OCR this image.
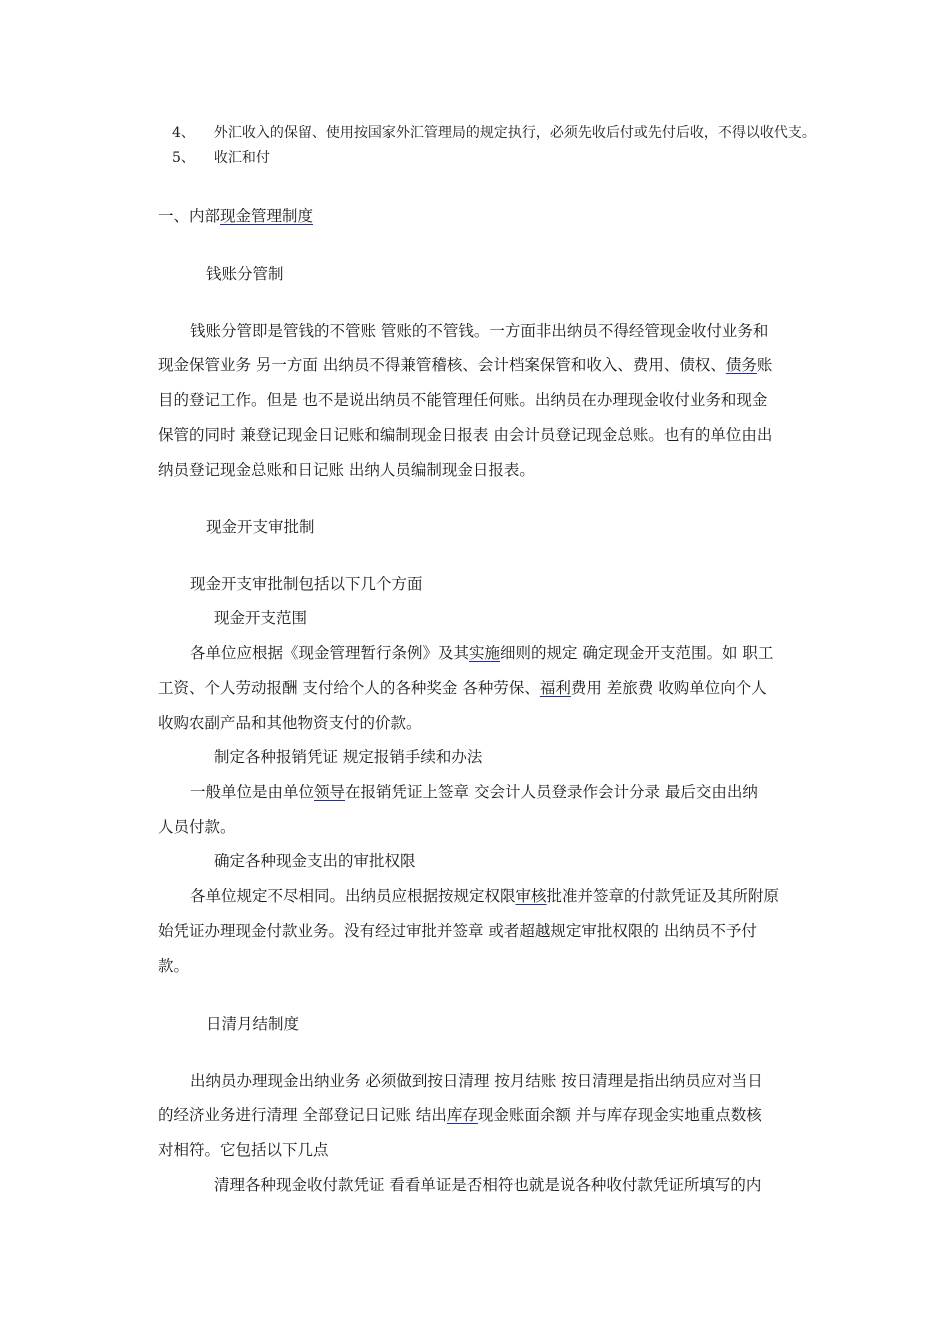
4、 外汇收入的保留、使用按国家外汇管理局的规定执行，必须先收后付或先付后收，不得以收代支。
5、 收汇和付
一、内部现金管理制度
钱账分管制
钱账分管即是管钱的不管账 管账的不管钱。一方面非出纳员不得经管现金收付业务和
现金保管业务 另一方面 出纳员不得兼管稽核、会计档案保管和收入、费用、债权、债务账
目的登记工作。但是 也不是说出纳员不能管理任何账。出纳员在办理现金收付业务和现金
保管的同时 兼登记现金日记账和编制现金日报表 由会计员登记现金总账。也有的单位由出
纳员登记现金总账和日记账 出纳人员编制现金日报表。
现金开支审批制
现金开支审批制包括以下几个方面
现金开支范围
各单位应根据《现金管理暂行条例》及其实施细则的规定 确定现金开支范围。如 职工
工资、个人劳动报酬 支付给个人的各种奖金 各种劳保、福利费用 差旅费 收购单位向个人
收购农副产品和其他物资支付的价款。
制定各种报销凭证 规定报销手续和办法
一般单位是由单位领导在报销凭证上签章 交会计人员登录作会计分录 最后交由出纳
人员付款。
确定各种现金支出的审批权限
各单位规定不尽相同。出纳员应根据按规定权限审核批准并签章的付款凭证及其所附原
始凭证办理现金付款业务。没有经过审批并签章 或者超越规定审批权限的 出纳员不予付
款。
日清月结制度
出纳员办理现金出纳业务 必须做到按日清理 按月结账 按日清理是指出纳员应对当日
的经济业务进行清理 全部登记日记账 结出库存现金账面余额 并与库存现金实地重点数核
对相符。它包括以下几点
清理各种现金收付款凭证 看看单证是否相符也就是说各种收付款凭证所填写的内
